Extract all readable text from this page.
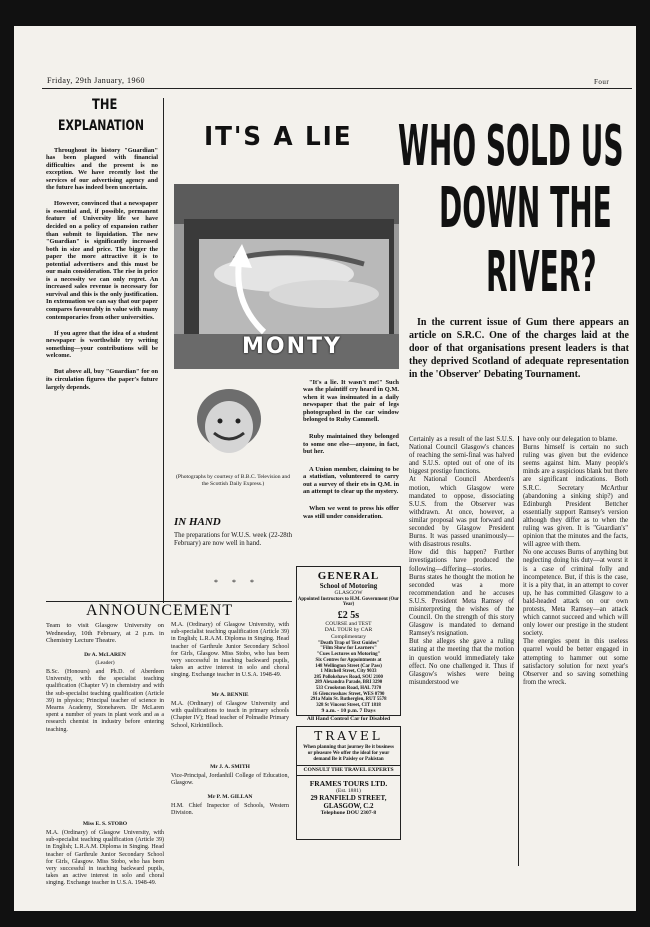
Friday, 29th January, 1960	Four
THE
EXPLANATION

Throughout its history "Guardian" has been plagued with financial difficulties and the present is no exception. We have recently lost the services of our advertising agency and the future has indeed been uncertain.

However, convinced that a newspaper is essential and, if possible, permanent feature of University life we have decided on a policy of expansion rather than submit to liquidation. The new "Guardian" is significantly increased both in size and price. The bigger the paper the more attractive it is to potential advertisers and this must be our main consideration. The rise in price is a necessity we can only regret. An increased sales revenue is necessary for survival and this is the only justification. In extenuation we can say that our paper compares favourably in value with many contemporaries from other universities.

If you agree that the idea of a student newspaper is worthwhile try writing something—your contributions will be welcome.

But above all, buy "Guardian" for on its circulation figures the paper's future largely depends.

IT'S A LIE
MONTY
(Photographs by courtesy of B.B.C. Television and the Scottish Daily Express.)

"It's a lie. It wasn't me!" Such was the plaintiff cry heard in Q.M. when it was insinuated in a daily newspaper that the pair of legs photographed in the car window belonged to Ruby Cammell.

Ruby maintained they belonged to some one else—anyone, in fact, but her.

A Union member, claiming to be a statistian, volunteered to carry out a survey of their ets in Q.M. in an attempt to clear up the mystery.

When we went to press his offer was still under consideration.

IN HAND
The preparations for W.U.S. week (22-28th February) are now well in hand.
* * *
GENERAL
School of Motoring
GLASGOW
Appointed Instructors to H.M. Government (Our Year)
£2 5s
COURSE and TEST
DAL TOUR by CAR
Complimentary
"Death Trap of Text Guides"
"Film Show for Learners"
"Cues Lectures on Motoring"
Six Centres for Appointments at
148 Wellington Street (Car Pass)
1 Mitchell Street, City 9033
285 Pollokshaws Road, SOU 2100
289 Alexandra Parade, BRI 3290
533 Crookston Road, HAL 7370
16 Glencrosshaw Street, WES 0790
291a Main St. Rutherglen, RUT 5578
328 St Vincent Street, CIT 1818
9 a.m. - 10 p.m. 7 Days
All Hand Control Car for Disabled
TRAVEL
When planning that journey Be it business or pleasure We offer the ideal for your demand Be it Paisley or Pakistan
CONSULT THE TRAVEL EXPERTS
FRAMES TOURS LTD.
(Est. 1881)
29 RANFIELD STREET,
GLASGOW, C.2
Telephone DOU 2307-8
ANNOUNCEMENT
Team to visit Glasgow University on Wednesday, 10th February, at 2 p.m. in Chemistry Lecture Theatre.
Dr A. McLAREN
(Leader)
B.Sc. (Honours) and Ph.D. of Aberdeen University, with the specialist teaching qualification (Chapter V) in chemistry and with the sub-specialist teaching qualification (Article 39) in physics; Principal teacher of science in Mearns Academy, Stonehaven. Dr McLaren spent a number of years in plant work and as a research chemist in industry before entering teaching.
Miss E. S. STOBO
M.A. (Ordinary) of Glasgow University, with sub-specialist teaching qualification (Article 39) in English; L.R.A.M. Diploma in Singing. Head teacher of Garthrule Junior Secondary School for Girls, Glasgow. Miss Stobo, who has been very successful in teaching backward pupils, takes an active interest in solo and choral singing. Exchange teacher in U.S.A. 1948-49.
M.A. (Ordinary) of Glasgow University, with sub-specialist teaching qualification (Article 39) in English; L.R.A.M. Diploma in Singing. Head teacher of Garthrule Junior Secondary School for Girls, Glasgow. Miss Stobo, who has been very successful in teaching backward pupils, takes an active interest in solo and choral singing. Exchange teacher in U.S.A. 1948-49.
Mr A. BENNIE
M.A. (Ordinary) of Glasgow University and with qualifications to teach in primary schools (Chapter IV); Head teacher of Polmadie Primary School, Kirkintilloch.
Mr J. A. SMITH
Vice-Principal, Jordanhill College of Education, Glasgow.
Mr P. M. GILLAN
H.M. Chief Inspector of Schools, Western Division.
WHO SOLD US
DOWN THE
RIVER?
In the current issue of Gum there appears an article on S.R.C. One of the charges laid at the door of that organisations present leaders is that they deprived Scotland of adequate representation in the 'Observer' Debating Tournament.
Certainly as a result of the last S.U.S. National Council Glasgow's chances of reaching the semi-final was halved and S.U.S. opted out of one of its biggest prestige functions.
At National Council Aberdeen's motion, which Glasgow were mandated to oppose, dissociating S.U.S. from the Observer was withdrawn. At once, however, a similar proposal was put forward and seconded by Glasgow President Burns. It was passed unanimously—with disastrous results.
How did this happen? Further investigations have produced the following—differing—stories.
Burns states he thought the motion he seconded was a more recommendation and he accuses S.U.S. President Meta Ramsey of misinterpreting the wishes of the Council. On the strength of this story Glasgow is mandated to demand Ramsey's resignation.
But she alleges she gave a ruling stating at the meeting that the motion in question would immediately take effect. No one challenged it. Thus if Glasgow's wishes were being misunderstood we
have only our delegation to blame.
Burns himself is certain no such ruling was given but the evidence seems against him. Many people's minds are a suspicious blank but there are significant indications. Both S.R.C. Secretary McArthur (abandoning a sinking ship?) and Edinburgh President Bettcher essentially support Ramsey's version although they differ as to when the ruling was given. It is "Guardian's" opinion that the minutes and the facts, will agree with them.
No one accuses Burns of anything but neglecting doing his duty—at worst it is a case of criminal folly and incompetence. But, if this is the case, it is a pity that, in an attempt to cover up, he has committed Glasgow to a bald-headed attack on our own protests, Meta Ramsey—an attack which cannot succeed and which will only lower our prestige in the student society.
The energies spent in this useless quarrel would be better engaged in attempting to hammer out some satisfactory solution for next year's Observer and so saving something from the wreck.
